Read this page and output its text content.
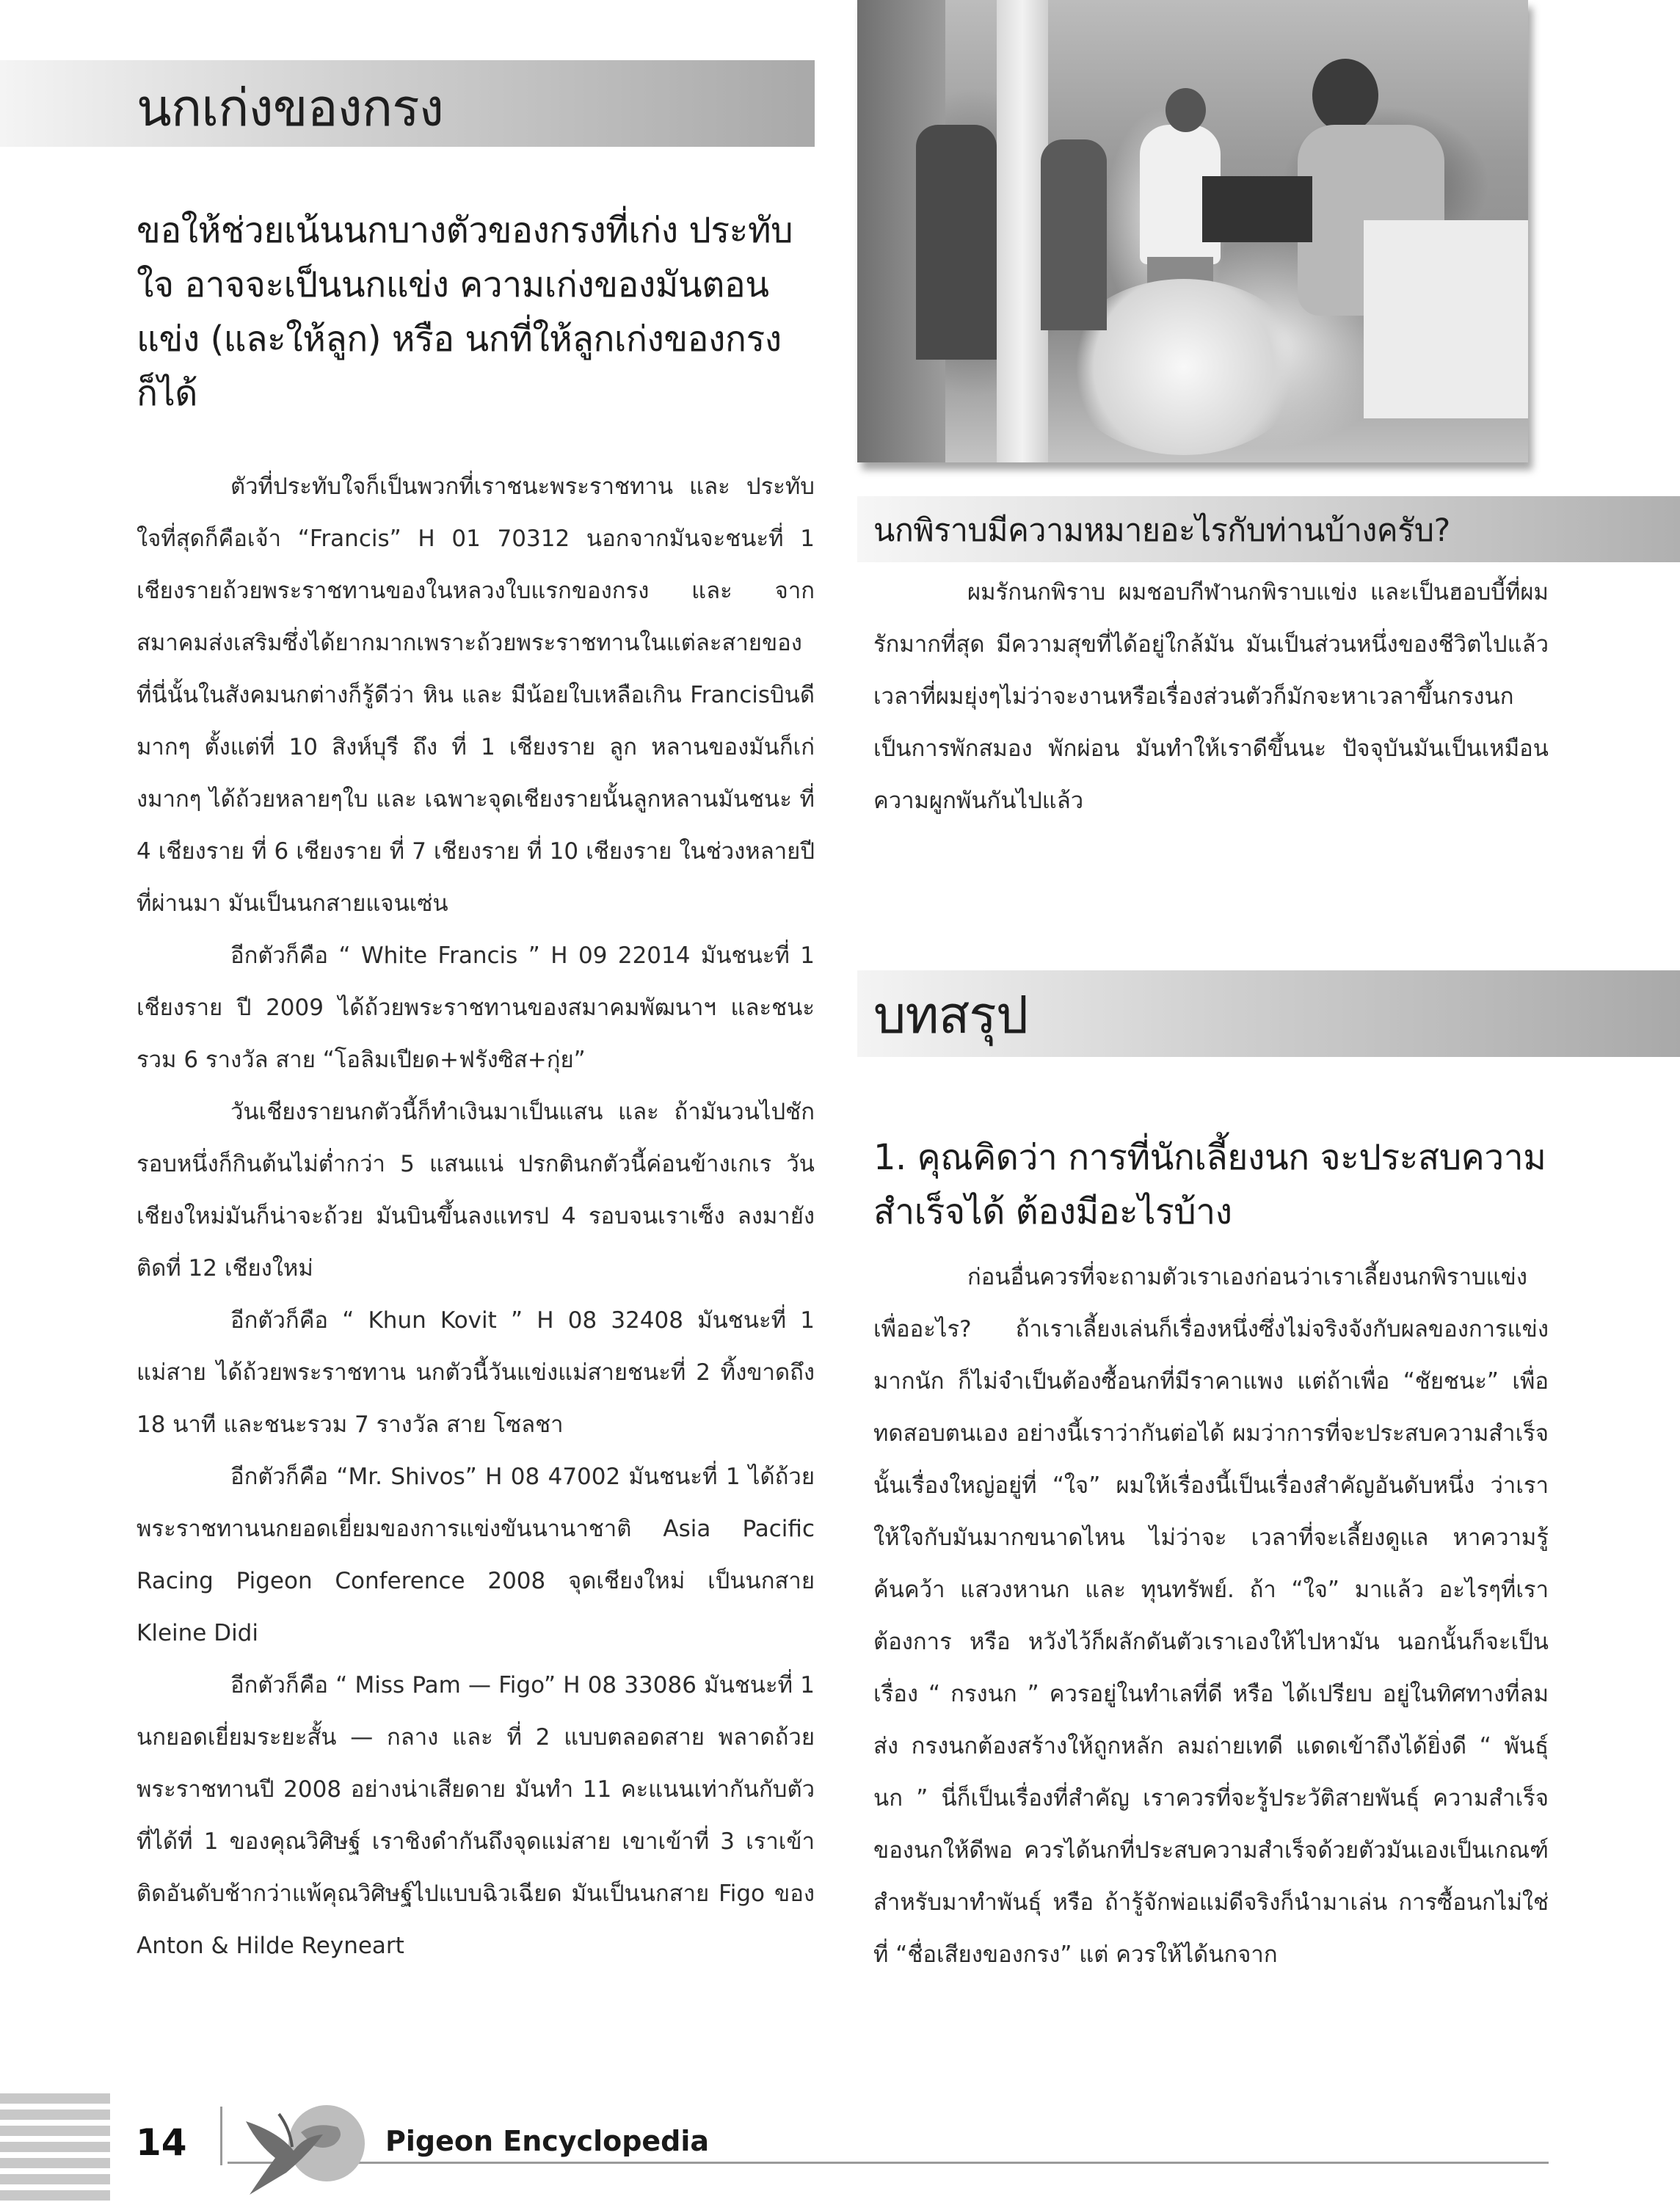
นกเก่งของกรง
ขอให้ช่วยเน้นนกบางตัวของกรงที่เก่ง ประทับใจ อาจจะเป็นนกแข่ง ความเก่งของมันตอนแข่ง (และให้ลูก) หรือ นกที่ให้ลูกเก่งของกรงก็ได้

ตัวที่ประทับใจก็เป็นพวกที่เราชนะพระราชทาน และ ประทับใจที่สุดก็คือเจ้า “Francis” H 01 70312 นอกจากมันจะชนะที่ 1 เชียงรายถ้วยพระราชทานของในหลวงใบแรกของกรง และ จากสมาคมส่งเสริมซึ่งได้ยากมากเพราะถ้วยพระราชทานในแต่ละสายของที่นี่นั้นในสังคมนกต่างก็รู้ดีว่า หิน และ มีน้อยใบเหลือเกิน Francisบินดีมากๆ ตั้งแต่ที่ 10 สิงห์บุรี ถึง ที่ 1 เชียงราย ลูก หลานของมันก็เก่งมากๆ ได้ถ้วยหลายๆใบ และ เฉพาะจุดเชียงรายนั้นลูกหลานมันชนะ ที่ 4 เชียงราย ที่ 6 เชียงราย ที่ 7 เชียงราย ที่ 10 เชียงราย ในช่วงหลายปีที่ผ่านมา มันเป็นนกสายแจนเซ่น

อีกตัวก็คือ “ White Francis ” H 09 22014 มันชนะที่ 1 เชียงราย ปี 2009 ได้ถ้วยพระราชทานของสมาคมพัฒนาฯ และชนะรวม 6 รางวัล สาย “โอลิมเปียด+ฟรังซิส+กุ่ย”

วันเชียงรายนกตัวนี้ก็ทำเงินมาเป็นแสน และ ถ้ามันวนไปชักรอบหนึ่งก็กินต้นไม่ต่ำกว่า 5 แสนแน่ ปรกตินกตัวนี้ค่อนข้างเกเร วันเชียงใหม่มันก็น่าจะถ้วย มันบินขึ้นลงแทรป 4 รอบจนเราเซ็ง ลงมายังติดที่ 12 เชียงใหม่

อีกตัวก็คือ “ Khun Kovit ” H 08 32408 มันชนะที่ 1 แม่สาย ได้ถ้วยพระราชทาน นกตัวนี้วันแข่งแม่สายชนะที่ 2 ทิ้งขาดถึง 18 นาที และชนะรวม 7 รางวัล สาย โซลชา

อีกตัวก็คือ “Mr. Shivos” H 08 47002 มันชนะที่ 1 ได้ถ้วยพระราชทานนกยอดเยี่ยมของการแข่งขันนานาชาติ Asia Pacific Racing Pigeon Conference 2008 จุดเชียงใหม่ เป็นนกสาย Kleine Didi

อีกตัวก็คือ “ Miss Pam — Figo” H 08 33086 มันชนะที่ 1 นกยอดเยี่ยมระยะสั้น — กลาง และ ที่ 2 แบบตลอดสาย พลาดถ้วยพระราชทานปี 2008 อย่างน่าเสียดาย มันทำ 11 คะแนนเท่ากันกับตัวที่ได้ที่ 1 ของคุณวิศิษฐ์ เราชิงดำกันถึงจุดแม่สาย เขาเข้าที่ 3 เราเข้าติดอันดับช้ากว่าแพ้คุณวิศิษฐ์ไปแบบฉิวเฉียด มันเป็นนกสาย Figo ของ Anton & Hilde Reyneart

นกพิราบมีความหมายอะไรกับท่านบ้างครับ?

ผมรักนกพิราบ ผมชอบกีฬานกพิราบแข่ง และเป็นฮอบบี้ที่ผมรักมากที่สุด มีความสุขที่ได้อยู่ใกล้มัน มันเป็นส่วนหนึ่งของชีวิตไปแล้ว เวลาที่ผมยุ่งๆไม่ว่าจะงานหรือเรื่องส่วนตัวก็มักจะหาเวลาขึ้นกรงนก เป็นการพักสมอง พักผ่อน มันทำให้เราดีขึ้นนะ ปัจจุบันมันเป็นเหมือนความผูกพันกันไปแล้ว

บทสรุป
1. คุณคิดว่า การที่นักเลี้ยงนก จะประสบความสำเร็จได้ ต้องมีอะไรบ้าง

ก่อนอื่นควรที่จะถามตัวเราเองก่อนว่าเราเลี้ยงนกพิราบแข่งเพื่ออะไร? ถ้าเราเลี้ยงเล่นก็เรื่องหนึ่งซึ่งไม่จริงจังกับผลของการแข่งมากนัก ก็ไม่จำเป็นต้องซื้อนกที่มีราคาแพง แต่ถ้าเพื่อ “ชัยชนะ” เพื่อทดสอบตนเอง อย่างนี้เราว่ากันต่อได้ ผมว่าการที่จะประสบความสำเร็จนั้นเรื่องใหญ่อยู่ที่ “ใจ” ผมให้เรื่องนี้เป็นเรื่องสำคัญอันดับหนึ่ง ว่าเราให้ใจกับมันมากขนาดไหน ไม่ว่าจะ เวลาที่จะเลี้ยงดูแล หาความรู้ ค้นคว้า แสวงหานก และ ทุนทรัพย์. ถ้า “ใจ” มาแล้ว อะไรๆที่เราต้องการ หรือ หวังไว้ก็ผลักดันตัวเราเองให้ไปหามัน นอกนั้นก็จะเป็นเรื่อง “ กรงนก ” ควรอยู่ในทำเลที่ดี หรือ ได้เปรียบ อยู่ในทิศทางที่ลมส่ง กรงนกต้องสร้างให้ถูกหลัก ลมถ่ายเทดี แดดเข้าถึงได้ยิ่งดี “ พันธุ์นก ” นี่ก็เป็นเรื่องที่สำคัญ เราควรที่จะรู้ประวัติสายพันธุ์ ความสำเร็จของนกให้ดีพอ ควรได้นกที่ประสบความสำเร็จด้วยตัวมันเองเป็นเกณฑ์สำหรับมาทำพันธุ์ หรือ ถ้ารู้จักพ่อแม่ดีจริงก็นำมาเล่น การซื้อนกไม่ใช่ที่ “ชื่อเสียงของกรง” แต่ ควรให้ได้นกจาก

14	Pigeon Encyclopedia
